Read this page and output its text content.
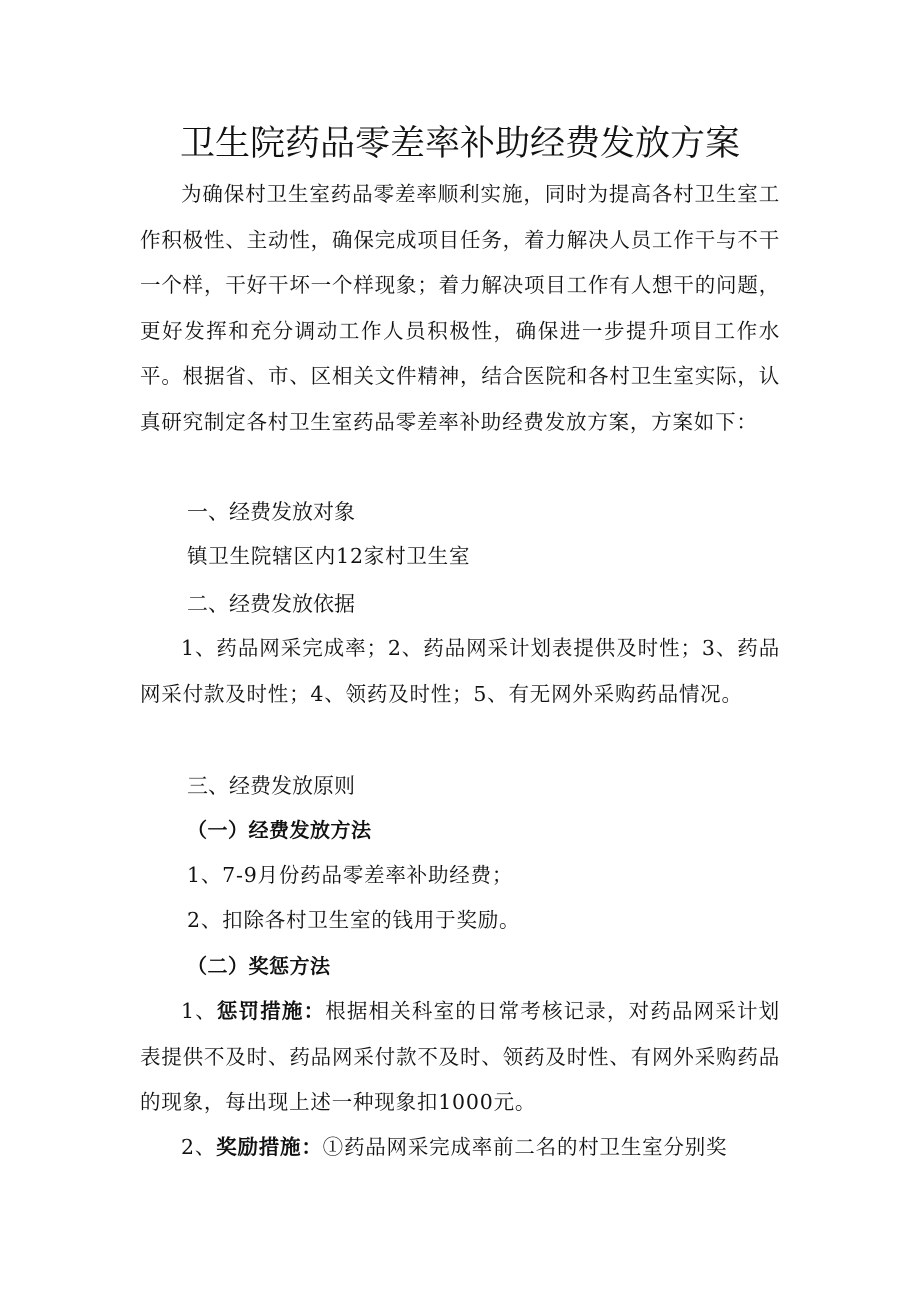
卫生院药品零差率补助经费发放方案
为确保村卫生室药品零差率顺利实施，同时为提高各村卫生室工作积极性、主动性，确保完成项目任务，着力解决人员工作干与不干一个样，干好干坏一个样现象；着力解决项目工作有人想干的问题，更好发挥和充分调动工作人员积极性，确保进一步提升项目工作水平。根据省、市、区相关文件精神，结合医院和各村卫生室实际，认真研究制定各村卫生室药品零差率补助经费发放方案，方案如下：
一、经费发放对象
镇卫生院辖区内12家村卫生室
二、经费发放依据
1、药品网采完成率；2、药品网采计划表提供及时性；3、药品网采付款及时性；4、领药及时性；5、有无网外采购药品情况。
三、经费发放原则
（一）经费发放方法
1、7-9月份药品零差率补助经费；
2、扣除各村卫生室的钱用于奖励。
（二）奖惩方法
1、惩罚措施：根据相关科室的日常考核记录，对药品网采计划表提供不及时、药品网采付款不及时、领药及时性、有网外采购药品的现象，每出现上述一种现象扣1000元。
2、奖励措施：①药品网采完成率前二名的村卫生室分别奖
